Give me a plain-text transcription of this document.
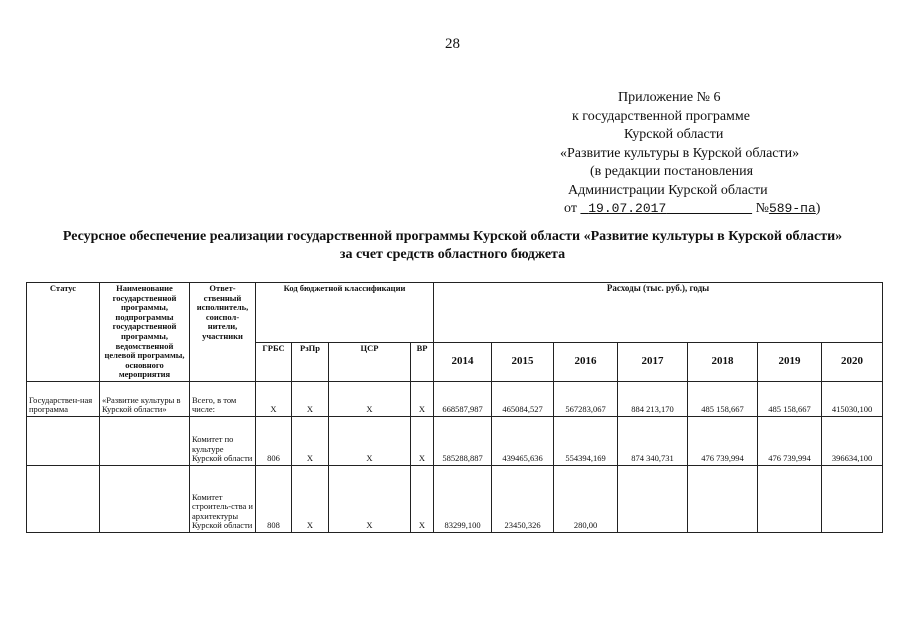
28
Приложение № 6
к государственной программе
Курской области
«Развитие культуры в Курской области»
(в редакции постановления
Администрации Курской области
от 19.07.2017	№589-па)
Ресурсное обеспечение реализации государственной программы Курской области «Развитие культуры в Курской области» за счет средств областного бюджета
Статус	Наименование государственной программы, подпрограммы государственной программы, ведомственной целевой программы, основного мероприятия	Ответ-ственный исполнитель, соиспол-нители, участники	Код бюджетной классификации				Расходы (тыс. руб.), годы						
			ГРБС	РзПр	ЦСР	ВР	2014	2015	2016	2017	2018	2019	2020
Государствен-ная программа	«Развитие культуры в Курской области»	Всего, в том числе:	Х	Х	Х	Х	668587,987	465084,527	567283,067	884 213,170	485 158,667	485 158,667	415030,100
		Комитет по культуре Курской области	806	Х	Х	Х	585288,887	439465,636	554394,169	874 340,731	476 739,994	476 739,994	396634,100
		Комитет строитель-ства и архитектуры Курской области	808	Х	Х	Х	83299,100	23450,326	280,00				
